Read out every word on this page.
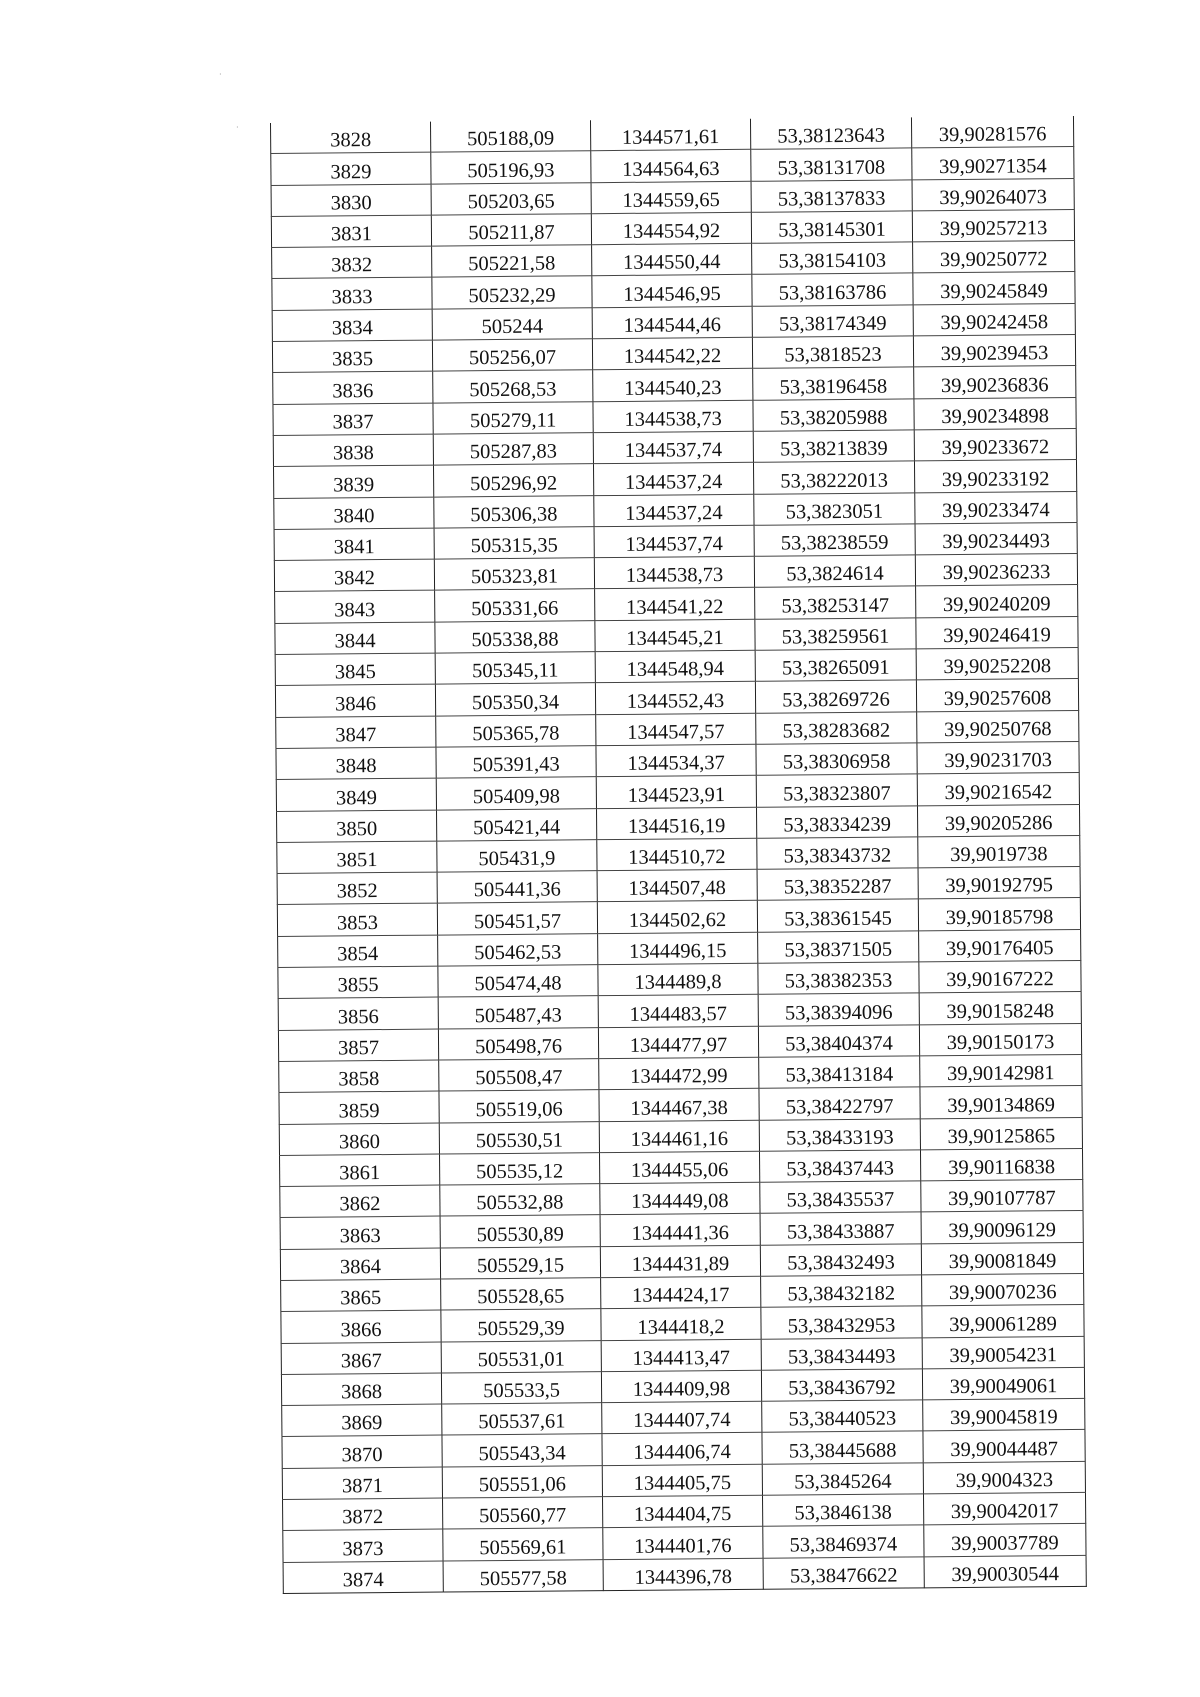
·
·
3828	505188,09	1344571,61	53,38123643	39,90281576
3829	505196,93	1344564,63	53,38131708	39,90271354
3830	505203,65	1344559,65	53,38137833	39,90264073
3831	505211,87	1344554,92	53,38145301	39,90257213
3832	505221,58	1344550,44	53,38154103	39,90250772
3833	505232,29	1344546,95	53,38163786	39,90245849
3834	505244	1344544,46	53,38174349	39,90242458
3835	505256,07	1344542,22	53,3818523	39,90239453
3836	505268,53	1344540,23	53,38196458	39,90236836
3837	505279,11	1344538,73	53,38205988	39,90234898
3838	505287,83	1344537,74	53,38213839	39,90233672
3839	505296,92	1344537,24	53,38222013	39,90233192
3840	505306,38	1344537,24	53,3823051	39,90233474
3841	505315,35	1344537,74	53,38238559	39,90234493
3842	505323,81	1344538,73	53,3824614	39,90236233
3843	505331,66	1344541,22	53,38253147	39,90240209
3844	505338,88	1344545,21	53,38259561	39,90246419
3845	505345,11	1344548,94	53,38265091	39,90252208
3846	505350,34	1344552,43	53,38269726	39,90257608
3847	505365,78	1344547,57	53,38283682	39,90250768
3848	505391,43	1344534,37	53,38306958	39,90231703
3849	505409,98	1344523,91	53,38323807	39,90216542
3850	505421,44	1344516,19	53,38334239	39,90205286
3851	505431,9	1344510,72	53,38343732	39,9019738
3852	505441,36	1344507,48	53,38352287	39,90192795
3853	505451,57	1344502,62	53,38361545	39,90185798
3854	505462,53	1344496,15	53,38371505	39,90176405
3855	505474,48	1344489,8	53,38382353	39,90167222
3856	505487,43	1344483,57	53,38394096	39,90158248
3857	505498,76	1344477,97	53,38404374	39,90150173
3858	505508,47	1344472,99	53,38413184	39,90142981
3859	505519,06	1344467,38	53,38422797	39,90134869
3860	505530,51	1344461,16	53,38433193	39,90125865
3861	505535,12	1344455,06	53,38437443	39,90116838
3862	505532,88	1344449,08	53,38435537	39,90107787
3863	505530,89	1344441,36	53,38433887	39,90096129
3864	505529,15	1344431,89	53,38432493	39,90081849
3865	505528,65	1344424,17	53,38432182	39,90070236
3866	505529,39	1344418,2	53,38432953	39,90061289
3867	505531,01	1344413,47	53,38434493	39,90054231
3868	505533,5	1344409,98	53,38436792	39,90049061
3869	505537,61	1344407,74	53,38440523	39,90045819
3870	505543,34	1344406,74	53,38445688	39,90044487
3871	505551,06	1344405,75	53,3845264	39,9004323
3872	505560,77	1344404,75	53,3846138	39,90042017
3873	505569,61	1344401,76	53,38469374	39,90037789
3874	505577,58	1344396,78	53,38476622	39,90030544
